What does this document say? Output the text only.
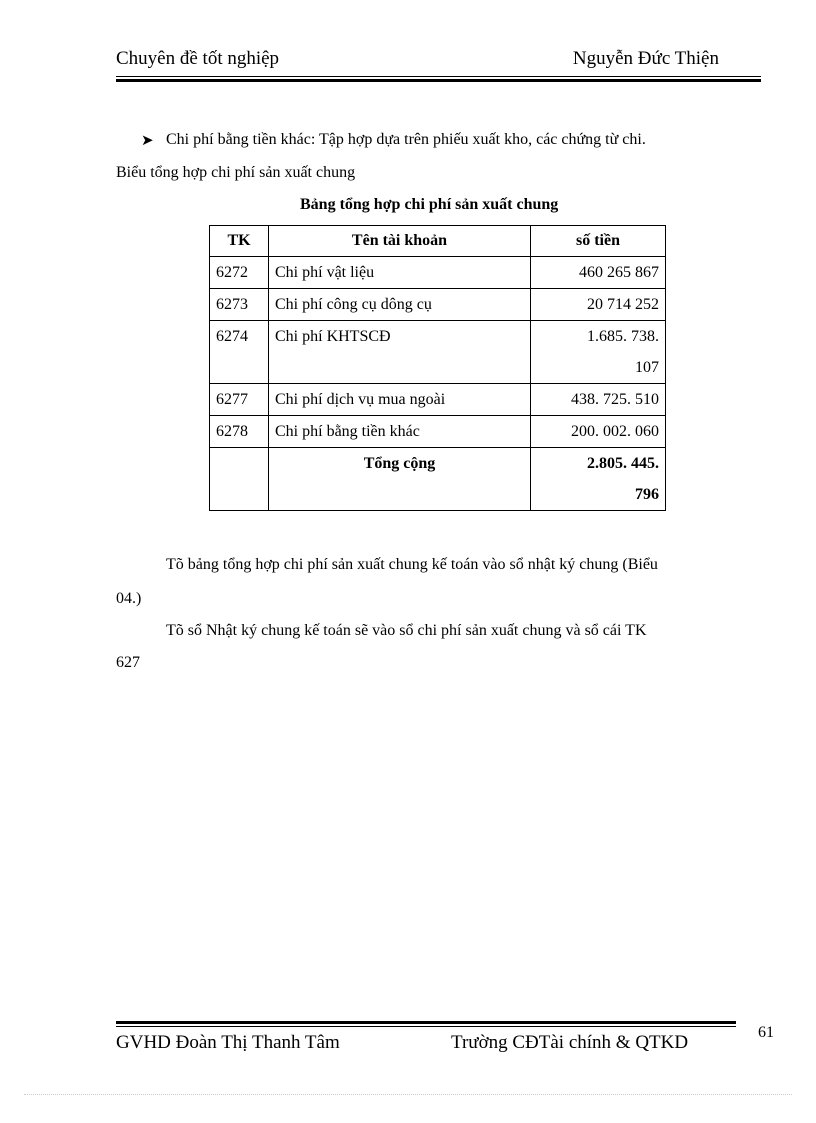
Chuyên đề tốt nghiệp	Nguyễn Đức Thiện
➤ Chi phí bằng tiền khác: Tập hợp dựa trên phiếu xuất kho, các chứng từ chi.
Biểu tổng hợp chi phí sản xuất chung
Bảng tổng hợp chi phí sản xuất chung
TK	Tên tài khoản	số tiền
6272	Chi phí vật liệu	460 265 867
6273	Chi phí công cụ dông cụ	20 714 252
6274	Chi phí KHTSCĐ	1.685. 738.
107

6277	Chi phí dịch vụ mua ngoài	438. 725. 510
6278	Chi phí bằng tiền khác	200. 002. 060
	Tổng cộng	2.805. 445.
796
Tõ bảng tổng hợp chi phí sản xuất chung kế toán vào sổ nhật ký chung (Biểu
04.)
Tõ sổ Nhật ký chung kế toán sẽ vào sổ chi phí sản xuất chung và sổ cái TK
627
GVHD Đoàn Thị Thanh Tâm	Trường CĐTài chính & QTKD	61
